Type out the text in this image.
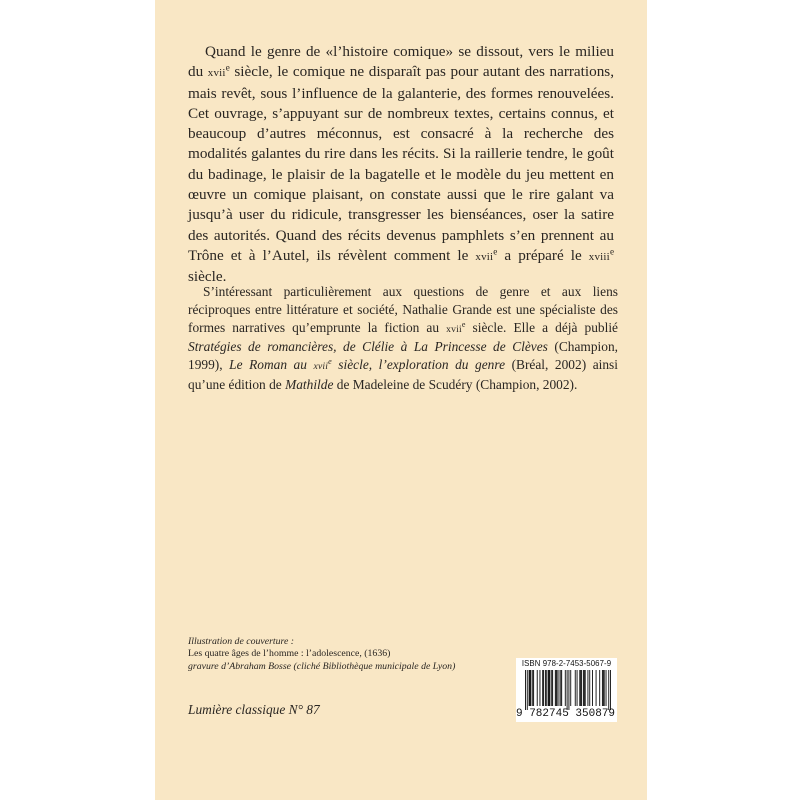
Quand le genre de «l’histoire comique» se dissout, vers le milieu du xvii$^e$ siècle, le comique ne disparaît pas pour autant des narrations, mais revêt, sous l’influence de la galanterie, des formes renouvelées. Cet ouvrage, s’appuyant sur de nombreux textes, certains connus, et beaucoup d’autres méconnus, est consacré à la recherche des modalités galantes du rire dans les récits. Si la raillerie tendre, le goût du badinage, le plaisir de la bagatelle et le modèle du jeu mettent en œuvre un comique plaisant, on constate aussi que le rire galant va jusqu’à user du ridicule, transgresser les bienséances, oser la satire des autorités. Quand des récits devenus pamphlets s’en prennent au Trône et à l’Autel, ils révèlent comment le xvii$^e$ a préparé le xviii$^e$ siècle.

S’intéressant particulièrement aux questions de genre et aux liens réciproques entre littérature et société, Nathalie Grande est une spécialiste des formes narratives qu’emprunte la fiction au xvii$^e$ siècle. Elle a déjà publié Stratégies de romancières, de Clélie à La Princesse de Clèves (Champion, 1999), Le Roman au xvii$^e$ siècle, l’exploration du genre (Bréal, 2002) ainsi qu’une édition de Mathilde de Madeleine de Scudéry (Champion, 2002).

Illustration de couverture :
Les quatre âges de l’homme : l’adolescence, (1636)
gravure d’Abraham Bosse (cliché Bibliothèque municipale de Lyon)
Lumière classique N° 87
ISBN 978-2-7453-5067-9
9 782745 350879
